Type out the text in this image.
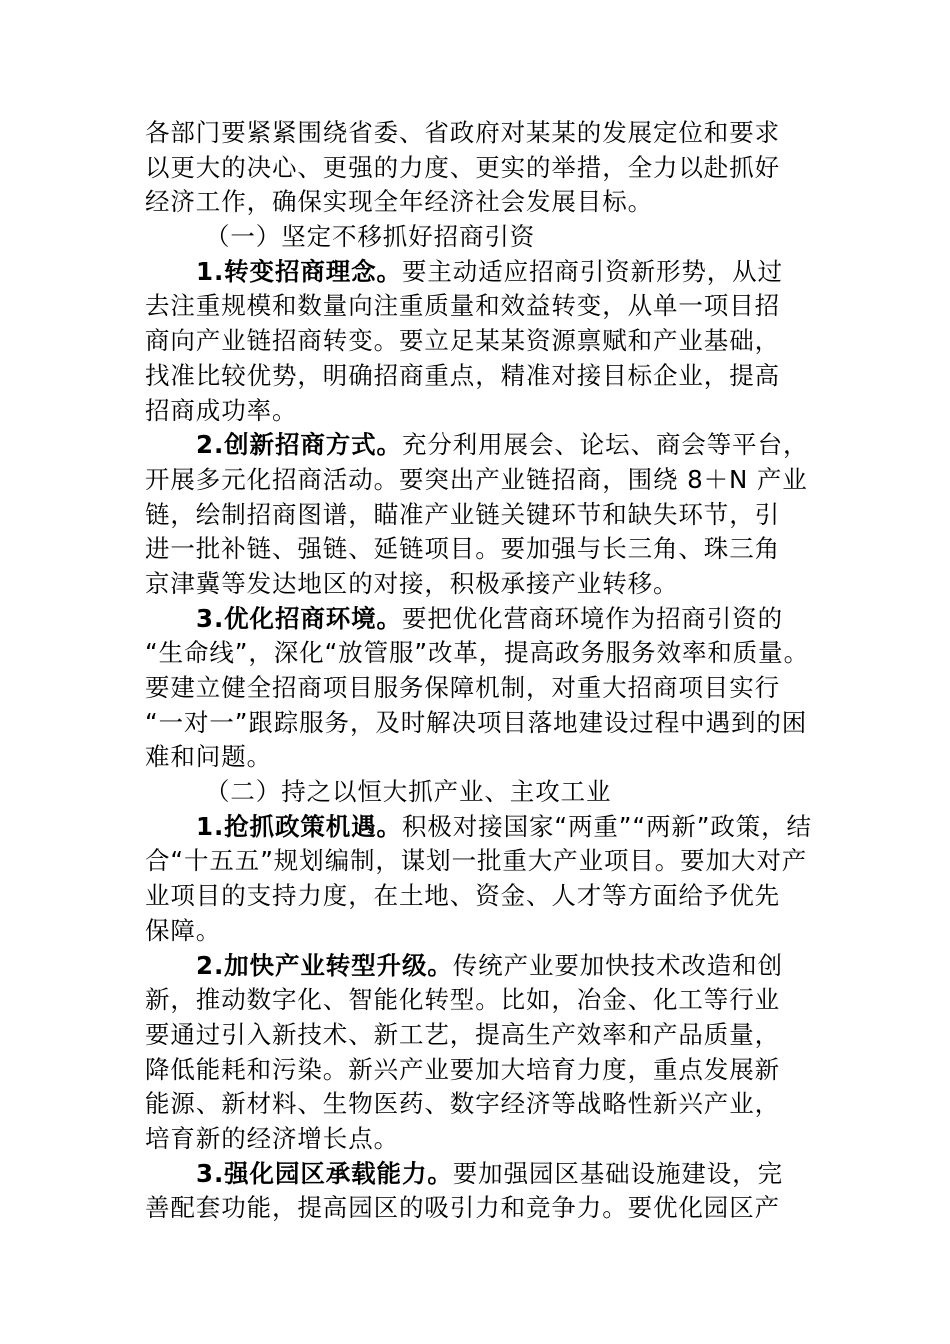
各部门要紧紧围绕省委、省政府对某某的发展定位和要求
以更大的决心、更强的力度、更实的举措，全力以赴抓好
经济工作，确保实现全年经济社会发展目标。
（一）坚定不移抓好招商引资
1.转变招商理念。要主动适应招商引资新形势，从过
去注重规模和数量向注重质量和效益转变，从单一项目招
商向产业链招商转变。要立足某某资源禀赋和产业基础，
找准比较优势，明确招商重点，精准对接目标企业，提高
招商成功率。
2.创新招商方式。充分利用展会、论坛、商会等平台，
开展多元化招商活动。要突出产业链招商，围绕 8＋N 产业
链，绘制招商图谱，瞄准产业链关键环节和缺失环节，引
进一批补链、强链、延链项目。要加强与长三角、珠三角
京津冀等发达地区的对接，积极承接产业转移。
3.优化招商环境。要把优化营商环境作为招商引资的
“生命线”，深化“放管服”改革，提高政务服务效率和质量。
要建立健全招商项目服务保障机制，对重大招商项目实行
“一对一”跟踪服务，及时解决项目落地建设过程中遇到的困
难和问题。
（二）持之以恒大抓产业、主攻工业
1.抢抓政策机遇。积极对接国家“两重”“两新”政策，结
合“十五五”规划编制，谋划一批重大产业项目。要加大对产
业项目的支持力度，在土地、资金、人才等方面给予优先
保障。
2.加快产业转型升级。传统产业要加快技术改造和创
新，推动数字化、智能化转型。比如，冶金、化工等行业
要通过引入新技术、新工艺，提高生产效率和产品质量，
降低能耗和污染。新兴产业要加大培育力度，重点发展新
能源、新材料、生物医药、数字经济等战略性新兴产业，
培育新的经济增长点。
3.强化园区承载能力。要加强园区基础设施建设，完
善配套功能，提高园区的吸引力和竞争力。要优化园区产
